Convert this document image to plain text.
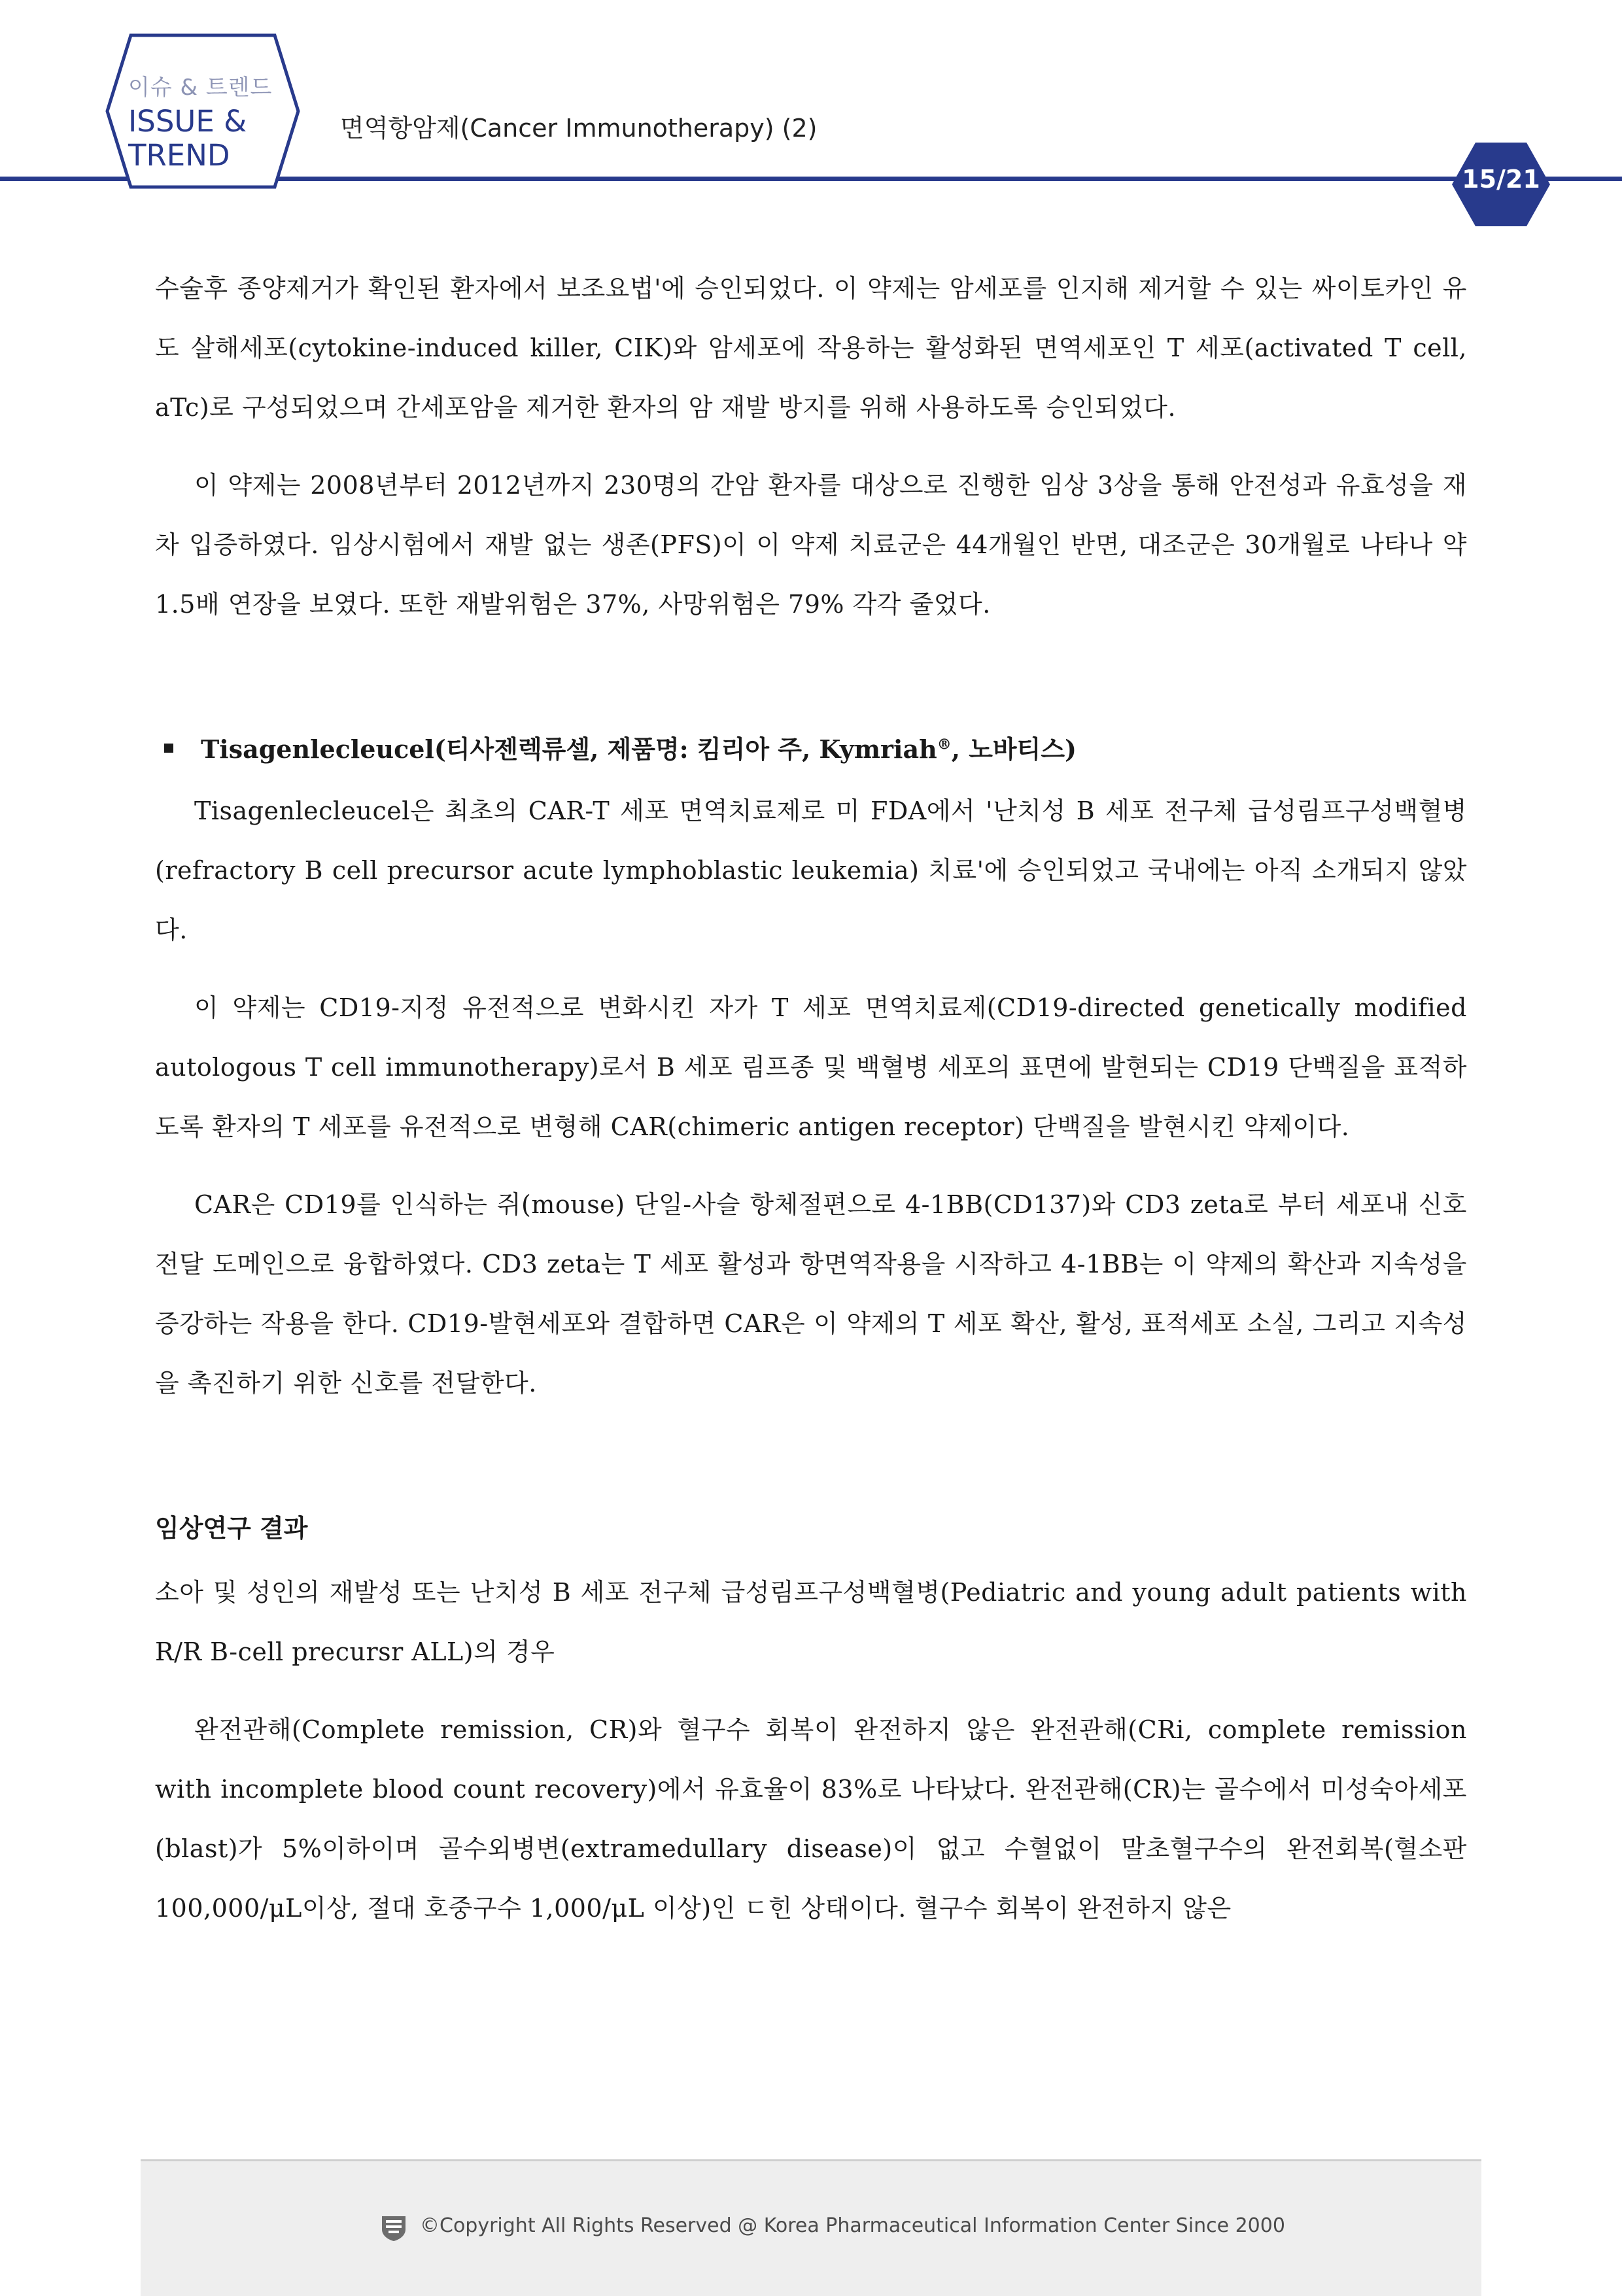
이슈 & 트렌드
ISSUE &
TREND
면역항암제(Cancer Immunotherapy) (2)
15/21

수술후 종양제거가 확인된 환자에서 보조요법'에 승인되었다. 이 약제는 암세포를 인지해 제거할 수 있는 싸이토카인 유도 살해세포(cytokine-induced killer, CIK)와 암세포에 작용하는 활성화된 면역세포인 T 세포(activated T cell, aTc)로 구성되었으며 간세포암을 제거한 환자의 암 재발 방지를 위해 사용하도록 승인되었다.

이 약제는 2008년부터 2012년까지 230명의 간암 환자를 대상으로 진행한 임상 3상을 통해 안전성과 유효성을 재차 입증하였다. 임상시험에서 재발 없는 생존(PFS)이 이 약제 치료군은 44개월인 반면, 대조군은 30개월로 나타나 약 1.5배 연장을 보였다. 또한 재발위험은 37%, 사망위험은 79% 각각 줄었다.

Tisagenlecleucel(티사젠렉류셀, 제품명: 킴리아 주, Kymriah®, 노바티스)

Tisagenlecleucel은 최초의 CAR-T 세포 면역치료제로 미 FDA에서 '난치성 B 세포 전구체 급성림프구성백혈병(refractory B cell precursor acute lymphoblastic leukemia) 치료'에 승인되었고 국내에는 아직 소개되지 않았다.

이 약제는 CD19-지정 유전적으로 변화시킨 자가 T 세포 면역치료제(CD19-directed genetically modified autologous T cell immunotherapy)로서 B 세포 림프종 및 백혈병 세포의 표면에 발현되는 CD19 단백질을 표적하도록 환자의 T 세포를 유전적으로 변형해 CAR(chimeric antigen receptor) 단백질을 발현시킨 약제이다.

CAR은 CD19를 인식하는 쥐(mouse) 단일-사슬 항체절편으로 4-1BB(CD137)와 CD3 zeta로 부터 세포내 신호전달 도메인으로 융합하였다. CD3 zeta는 T 세포 활성과 항면역작용을 시작하고 4-1BB는 이 약제의 확산과 지속성을 증강하는 작용을 한다. CD19-발현세포와 결합하면 CAR은 이 약제의 T 세포 확산, 활성, 표적세포 소실, 그리고 지속성을 촉진하기 위한 신호를 전달한다.

임상연구 결과

소아 및 성인의 재발성 또는 난치성 B 세포 전구체 급성림프구성백혈병(Pediatric and young adult patients with R/R B-cell precursr ALL)의 경우

완전관해(Complete remission, CR)와 혈구수 회복이 완전하지 않은 완전관해(CRi, complete remission with incomplete blood count recovery)에서 유효율이 83%로 나타났다. 완전관해(CR)는 골수에서 미성숙아세포(blast)가 5%이하이며 골수외병변(extramedullary disease)이 없고 수혈없이 말초혈구수의 완전회복(혈소판 100,000/μL이상, 절대 호중구수 1,000/μL 이상)인 ㄷ힌 상태이다. 혈구수 회복이 완전하지 않은

©Copyright All Rights Reserved @ Korea Pharmaceutical Information Center Since 2000
